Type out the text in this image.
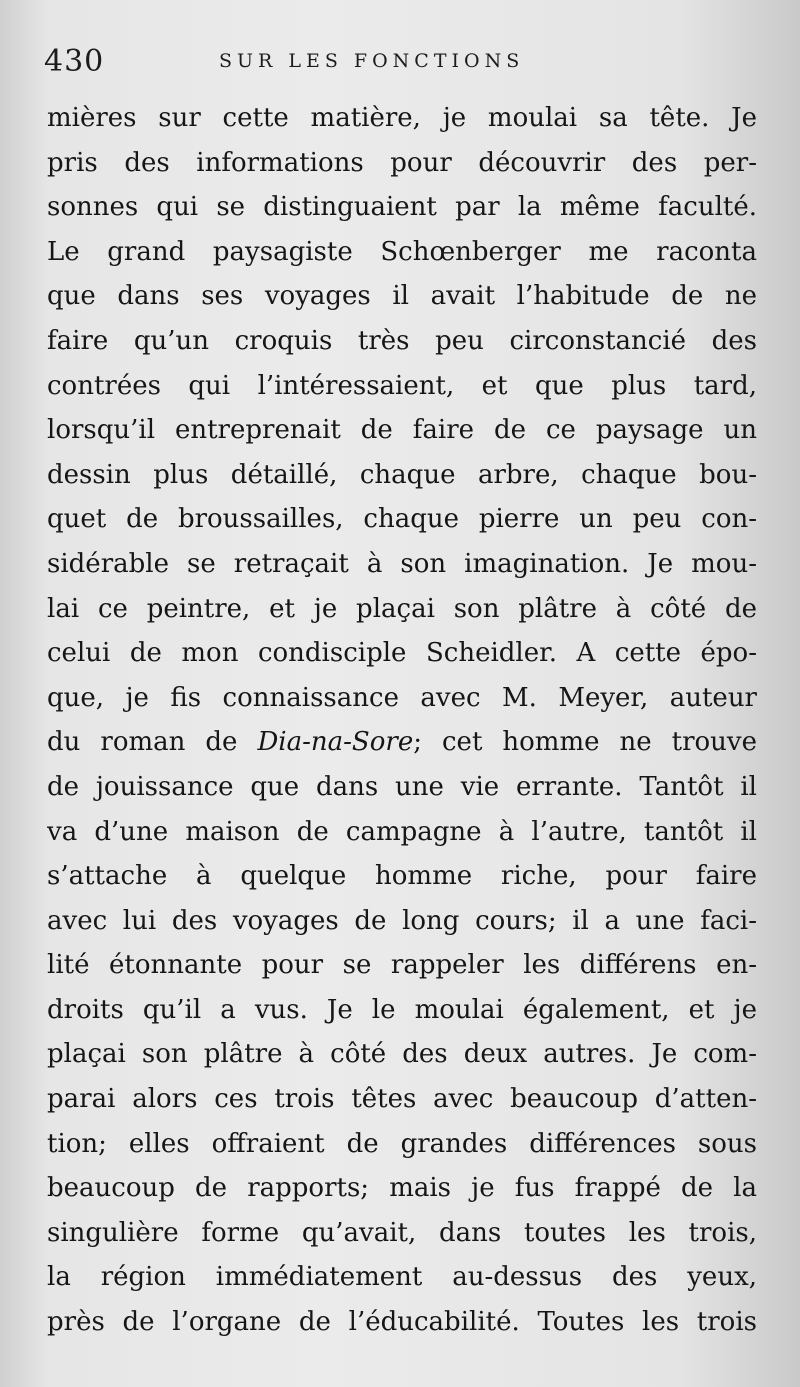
430	SUR LES FONCTIONS
mières sur cette matière, je moulai sa tête. Je
pris des informations pour découvrir des per-
sonnes qui se distinguaient par la même faculté.
Le grand paysagiste Schœnberger me raconta
que dans ses voyages il avait l’habitude de ne
faire qu’un croquis très peu circonstancié des
contrées qui l’intéressaient, et que plus tard,
lorsqu’il entreprenait de faire de ce paysage un
dessin plus détaillé, chaque arbre, chaque bou-
quet de broussailles, chaque pierre un peu con-
sidérable se retraçait à son imagination. Je mou-
lai ce peintre, et je plaçai son plâtre à côté de
celui de mon condisciple Scheidler. A cette épo-
que, je fis connaissance avec M. Meyer, auteur
du roman de Dia-na-Sore; cet homme ne trouve
de jouissance que dans une vie errante. Tantôt il
va d’une maison de campagne à l’autre, tantôt il
s’attache à quelque homme riche, pour faire
avec lui des voyages de long cours; il a une faci-
lité étonnante pour se rappeler les différens en-
droits qu’il a vus. Je le moulai également, et je
plaçai son plâtre à côté des deux autres. Je com-
parai alors ces trois têtes avec beaucoup d’atten-
tion; elles offraient de grandes différences sous
beaucoup de rapports; mais je fus frappé de la
singulière forme qu’avait, dans toutes les trois,
la région immédiatement au-dessus des yeux,
près de l’organe de l’éducabilité. Toutes les trois
